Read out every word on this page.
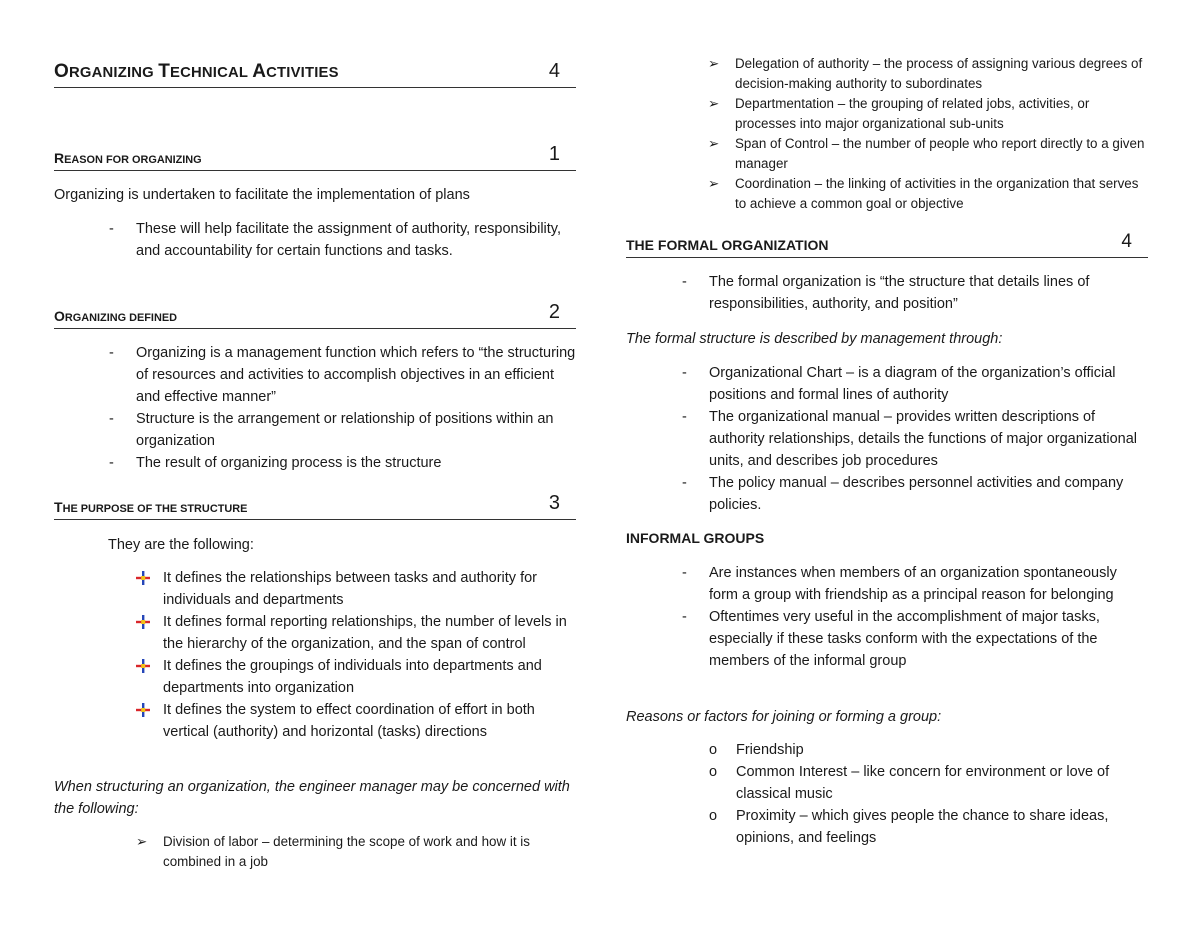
ORGANIZING TECHNICAL ACTIVITIES	4
REASON FOR ORGANIZING	1
Organizing is undertaken to facilitate the implementation of plans
-	These will help facilitate the assignment of authority, responsibility, and accountability for certain functions and tasks.
ORGANIZING DEFINED	2
-	Organizing is a management function which refers to “the structuring of resources and activities to accomplish objectives in an efficient and effective manner”
-	Structure is the arrangement or relationship of positions within an organization
-	The result of organizing process is the structure
THE PURPOSE OF THE STRUCTURE	3
They are the following:
It defines the relationships between tasks and authority for individuals and departments
It defines formal reporting relationships, the number of levels in the hierarchy of the organization, and the span of control
It defines the groupings of individuals into departments and departments into organization
It defines the system to effect coordination of effort in both vertical (authority) and horizontal (tasks) directions
When structuring an organization, the engineer manager may be concerned with the following:
➢	Division of labor – determining the scope of work and how it is combined in a job
➢	Delegation of authority – the process of assigning various degrees of decision-making authority to subordinates
➢	Departmentation – the grouping of related jobs, activities, or processes into major organizational sub-units
➢	Span of Control – the number of people who report directly to a given manager
➢	Coordination – the linking of activities in the organization that serves to achieve a common goal or objective
THE FORMAL ORGANIZATION	4
-	The formal organization is “the structure that details lines of responsibilities, authority, and position”
The formal structure is described by management through:
-	Organizational Chart – is a diagram of the organization’s official positions and formal lines of authority
-	The organizational manual – provides written descriptions of authority relationships, details the functions of major organizational units, and describes job procedures
-	The policy manual – describes personnel activities and company policies.
INFORMAL GROUPS
-	Are instances when members of an organization spontaneously form a group with friendship as a principal reason for belonging
-	Oftentimes very useful in the accomplishment of major tasks, especially if these tasks conform with the expectations of the members of the informal group
Reasons or factors for joining or forming a group:
o	Friendship
o	Common Interest – like concern for environment or love of classical music
o	Proximity – which gives people the chance to share ideas, opinions, and feelings
